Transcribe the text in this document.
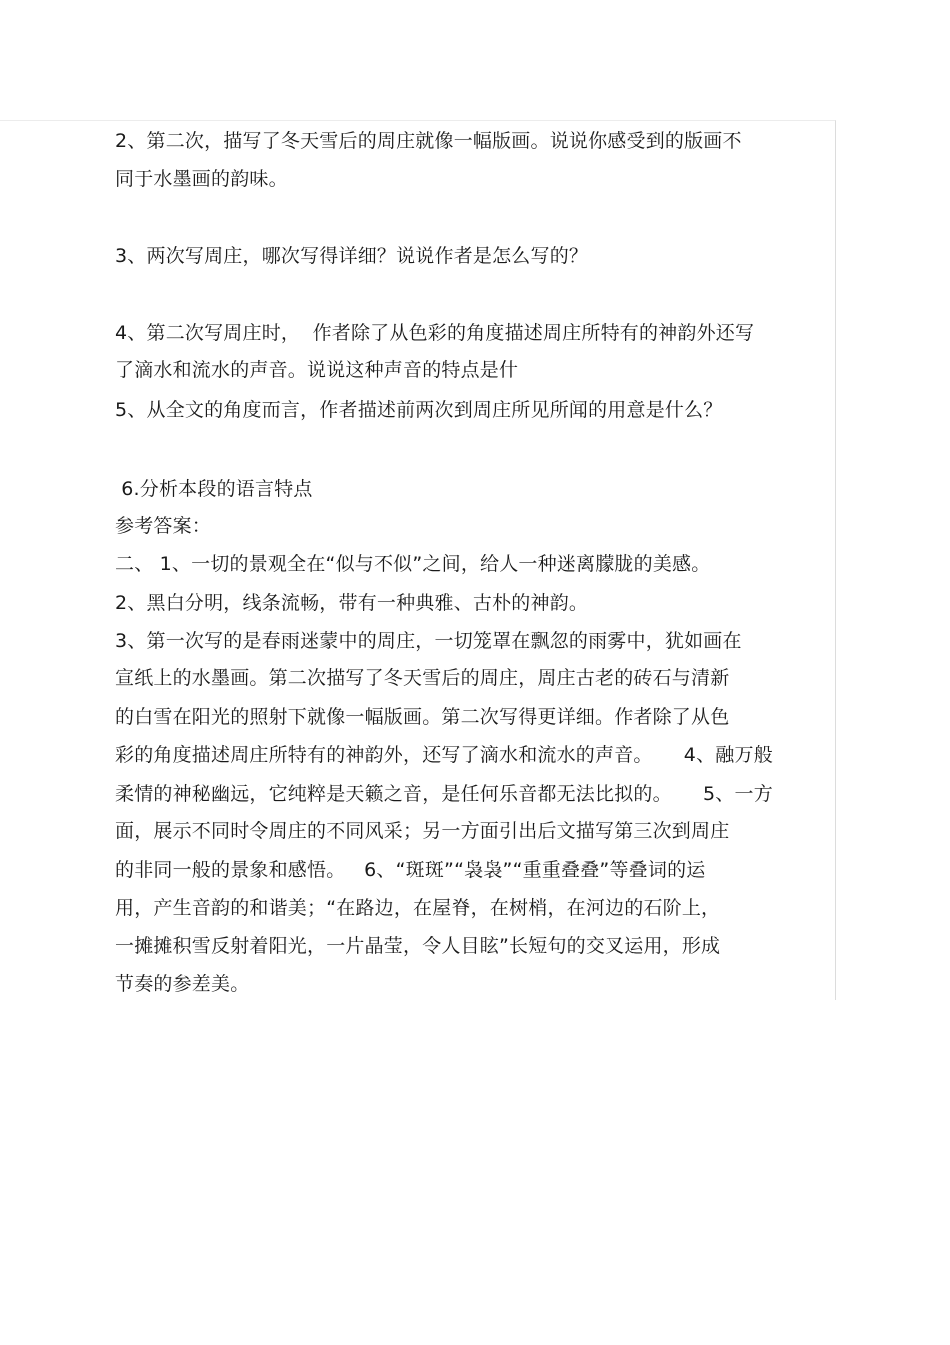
2、第二次，描写了冬天雪后的周庄就像一幅版画。说说你感受到的版画不

同于水墨画的韵味。

3、两次写周庄，哪次写得详细？说说作者是怎么写的？

4、第二次写周庄时，  作者除了从色彩的角度描述周庄所特有的神韵外还写

了滴水和流水的声音。说说这种声音的特点是什

5、从全文的角度而言，作者描述前两次到周庄所见所闻的用意是什么？

6.分析本段的语言特点

参考答案：

二、 1、一切的景观全在“似与不似”之间，给人一种迷离朦胧的美感。

2、黑白分明，线条流畅，带有一种典雅、古朴的神韵。

3、第一次写的是春雨迷蒙中的周庄，一切笼罩在飘忽的雨雾中，犹如画在

宣纸上的水墨画。第二次描写了冬天雪后的周庄，周庄古老的砖石与清新

的白雪在阳光的照射下就像一幅版画。第二次写得更详细。作者除了从色

彩的角度描述周庄所特有的神韵外，还写了滴水和流水的声音。     4、融万般

柔情的神秘幽远，它纯粹是天籁之音，是任何乐音都无法比拟的。     5、一方

面，展示不同时令周庄的不同风采；另一方面引出后文描写第三次到周庄

的非同一般的景象和感悟。   6、“斑斑”“袅袅”“重重叠叠”等叠词的运

用，产生音韵的和谐美；“在路边，在屋脊，在树梢，在河边的石阶上，

一摊摊积雪反射着阳光，一片晶莹，令人目眩”长短句的交叉运用，形成

节奏的参差美。
